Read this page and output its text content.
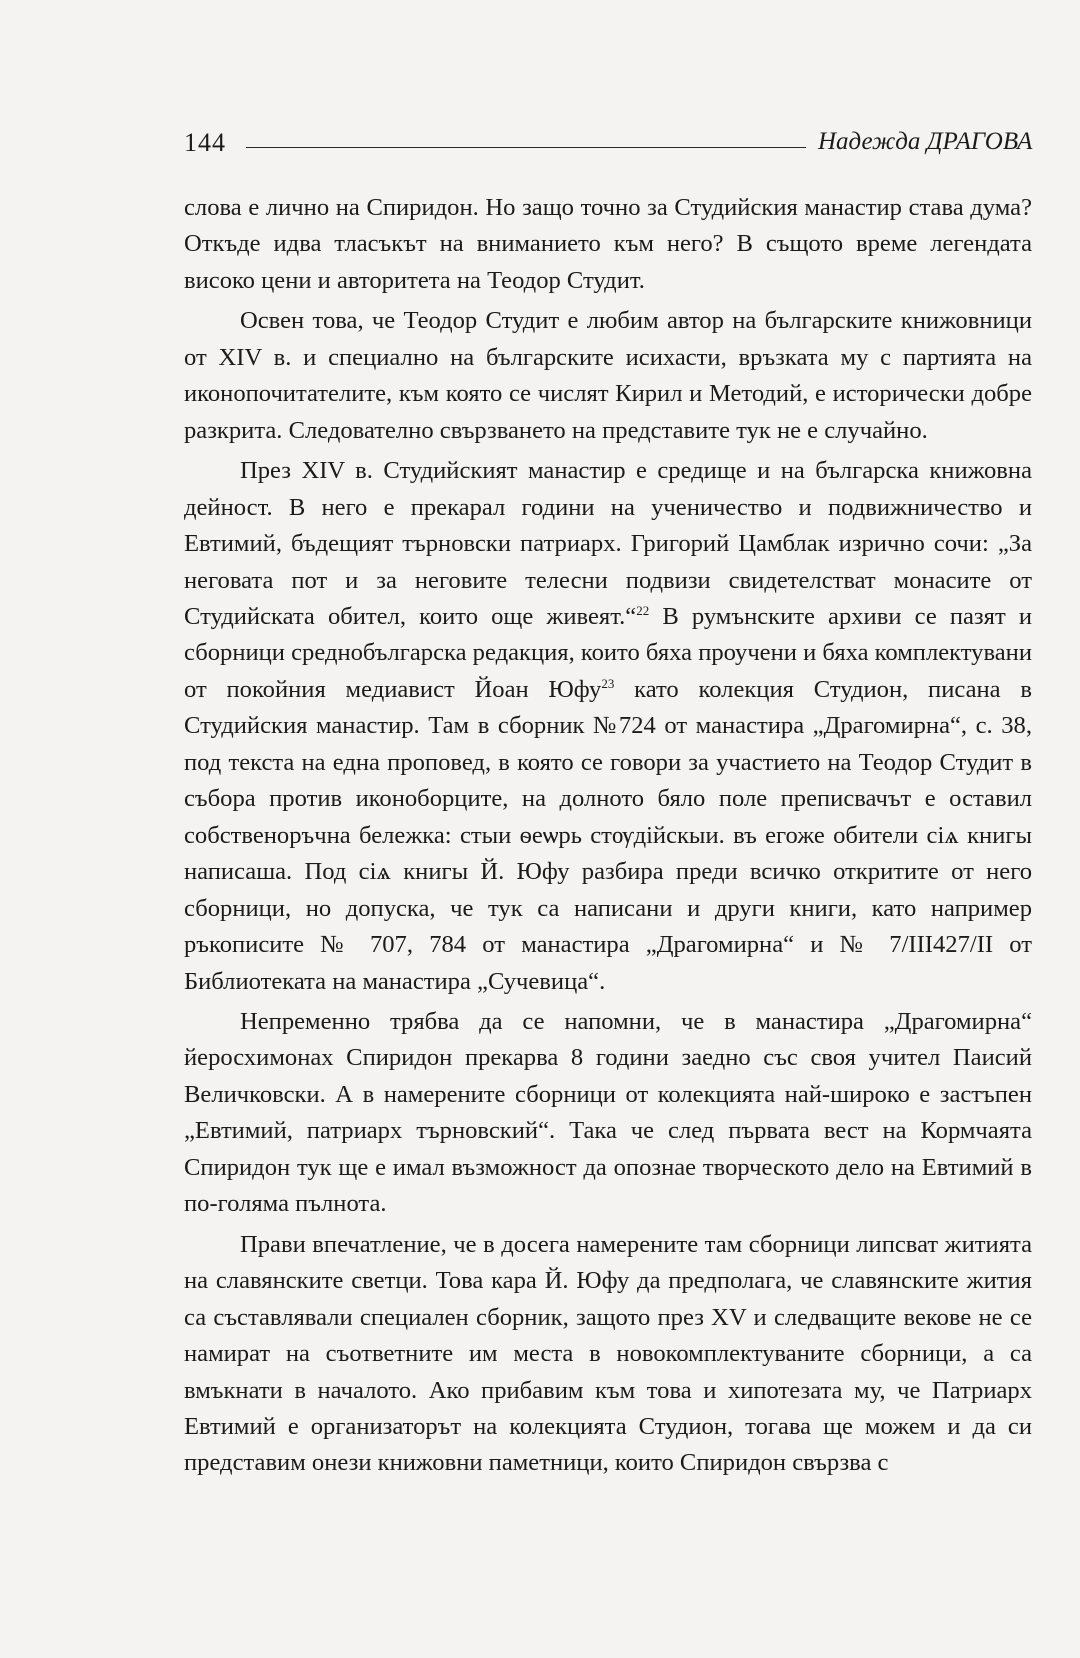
144	Надежда ДРАГОВА

слова е лично на Спиридон. Но защо точно за Студийския манастир става дума? Откъде идва тласъкът на вниманието към него? В същото време легендата високо цени и авторитета на Теодор Студит.

Освен това, че Теодор Студит е любим автор на българските книжовници от XIV в. и специално на българските исихасти, връзката му с партията на иконопочитателите, към която се числят Кирил и Методий, е исторически добре разкрита. Следователно свързването на представите тук не е случайно.

През XIV в. Студийският манастир е средище и на българска книжовна дейност. В него е прекарал години на ученичество и подвижничество и Евтимий, бъдещият търновски патриарх. Григорий Цамблак изрично сочи: „За неговата пот и за неговите телесни подвизи свидетелстват монасите от Студийската обител, които още живеят.“$^{22}$ В румънските архиви се пазят и сборници среднобългарска редакция, които бяха проучени и бяха комплектувани от покойния медиавист Йоан Юфу$^{23}$ като колекция Студион, писана в Студийския манастир. Там в сборник №724 от манастира „Драгомирна“, с. 38, под текста на една проповед, в която се говори за участието на Теодор Студит в събора против иконоборците, на долното бяло поле преписвачът е оставил собственоръчна бележка: стыи ѳеѡрь стѹдiйскыи. въ егоже обители сiѧ книгы написаша. Под сiѧ книгы Й. Юфу разбира преди всичко откритите от него сборници, но допуска, че тук са написани и други книги, като например ръкописите № 707, 784 от манастира „Драгомирна“ и № 7/III427/II от Библиотеката на манастира „Сучевица“.

Непременно трябва да се напомни, че в манастира „Драгомирна“ йеросхимонах Спиридон прекарва 8 години заедно със своя учител Паисий Величковски. А в намерените сборници от колекцията най-широко е застъпен „Евтимий, патриарх търновский“. Така че след първата вест на Кормчаята Спиридон тук ще е имал възможност да опознае творческото дело на Евтимий в по-голяма пълнота.

Прави впечатление, че в досега намерените там сборници липсват житията на славянските светци. Това кара Й. Юфу да предполага, че славянските жития са съставлявали специален сборник, защото през XV и следващите векове не се намират на съответните им места в новокомплектуваните сборници, а са вмъкнати в началото. Ако прибавим към това и хипотезата му, че Патриарх Евтимий е организаторът на колекцията Студион, тогава ще можем и да си представим онези книжовни паметници, които Спиридон свързва с
